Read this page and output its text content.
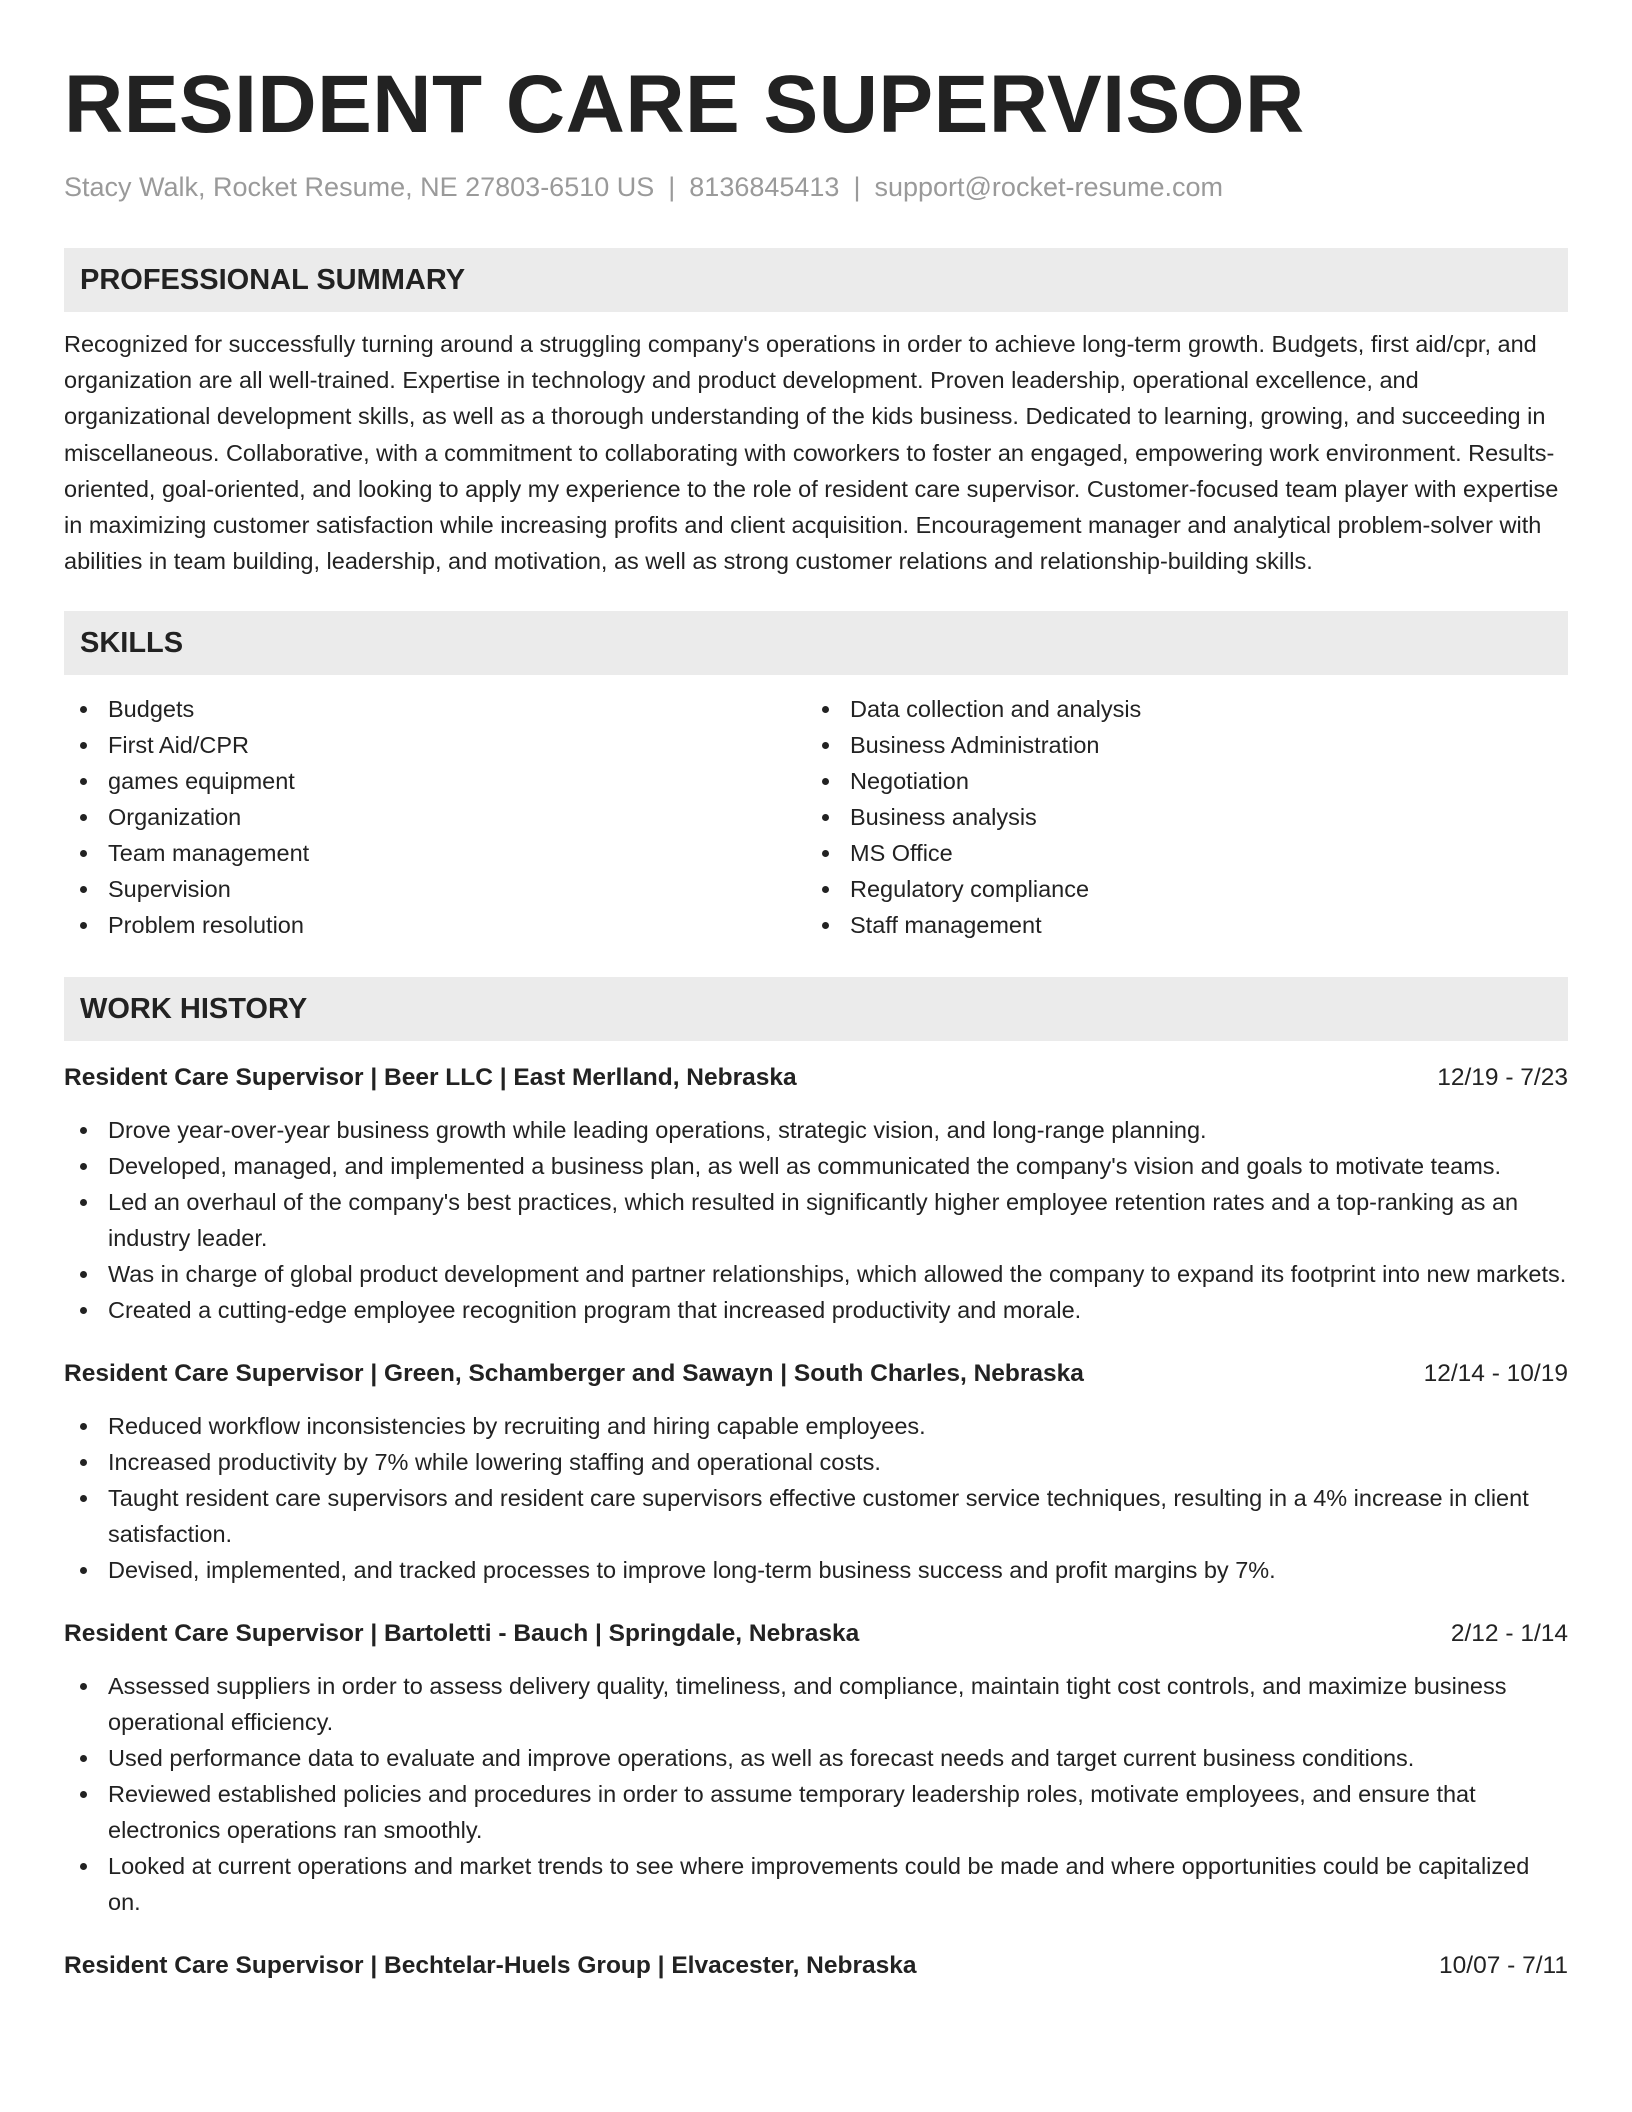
RESIDENT CARE SUPERVISOR
Stacy Walk, Rocket Resume, NE 27803-6510 US | 8136845413 | support@rocket-resume.com
PROFESSIONAL SUMMARY
Recognized for successfully turning around a struggling company's operations in order to achieve long-term growth. Budgets, first aid/cpr, and organization are all well-trained. Expertise in technology and product development. Proven leadership, operational excellence, and organizational development skills, as well as a thorough understanding of the kids business. Dedicated to learning, growing, and succeeding in miscellaneous. Collaborative, with a commitment to collaborating with coworkers to foster an engaged, empowering work environment. Results-oriented, goal-oriented, and looking to apply my experience to the role of resident care supervisor. Customer-focused team player with expertise in maximizing customer satisfaction while increasing profits and client acquisition. Encouragement manager and analytical problem-solver with abilities in team building, leadership, and motivation, as well as strong customer relations and relationship-building skills.
SKILLS
Budgets
First Aid/CPR
games equipment
Organization
Team management
Supervision
Problem resolution
Data collection and analysis
Business Administration
Negotiation
Business analysis
MS Office
Regulatory compliance
Staff management
WORK HISTORY
Resident Care Supervisor | Beer LLC | East Merlland, Nebraska	12/19 - 7/23
Drove year-over-year business growth while leading operations, strategic vision, and long-range planning.
Developed, managed, and implemented a business plan, as well as communicated the company's vision and goals to motivate teams.
Led an overhaul of the company's best practices, which resulted in significantly higher employee retention rates and a top-ranking as an industry leader.
Was in charge of global product development and partner relationships, which allowed the company to expand its footprint into new markets.
Created a cutting-edge employee recognition program that increased productivity and morale.
Resident Care Supervisor | Green, Schamberger and Sawayn | South Charles, Nebraska	12/14 - 10/19
Reduced workflow inconsistencies by recruiting and hiring capable employees.
Increased productivity by 7% while lowering staffing and operational costs.
Taught resident care supervisors and resident care supervisors effective customer service techniques, resulting in a 4% increase in client satisfaction.
Devised, implemented, and tracked processes to improve long-term business success and profit margins by 7%.
Resident Care Supervisor | Bartoletti - Bauch | Springdale, Nebraska	2/12 - 1/14
Assessed suppliers in order to assess delivery quality, timeliness, and compliance, maintain tight cost controls, and maximize business operational efficiency.
Used performance data to evaluate and improve operations, as well as forecast needs and target current business conditions.
Reviewed established policies and procedures in order to assume temporary leadership roles, motivate employees, and ensure that electronics operations ran smoothly.
Looked at current operations and market trends to see where improvements could be made and where opportunities could be capitalized on.
Resident Care Supervisor | Bechtelar-Huels Group | Elvacester, Nebraska	10/07 - 7/11
